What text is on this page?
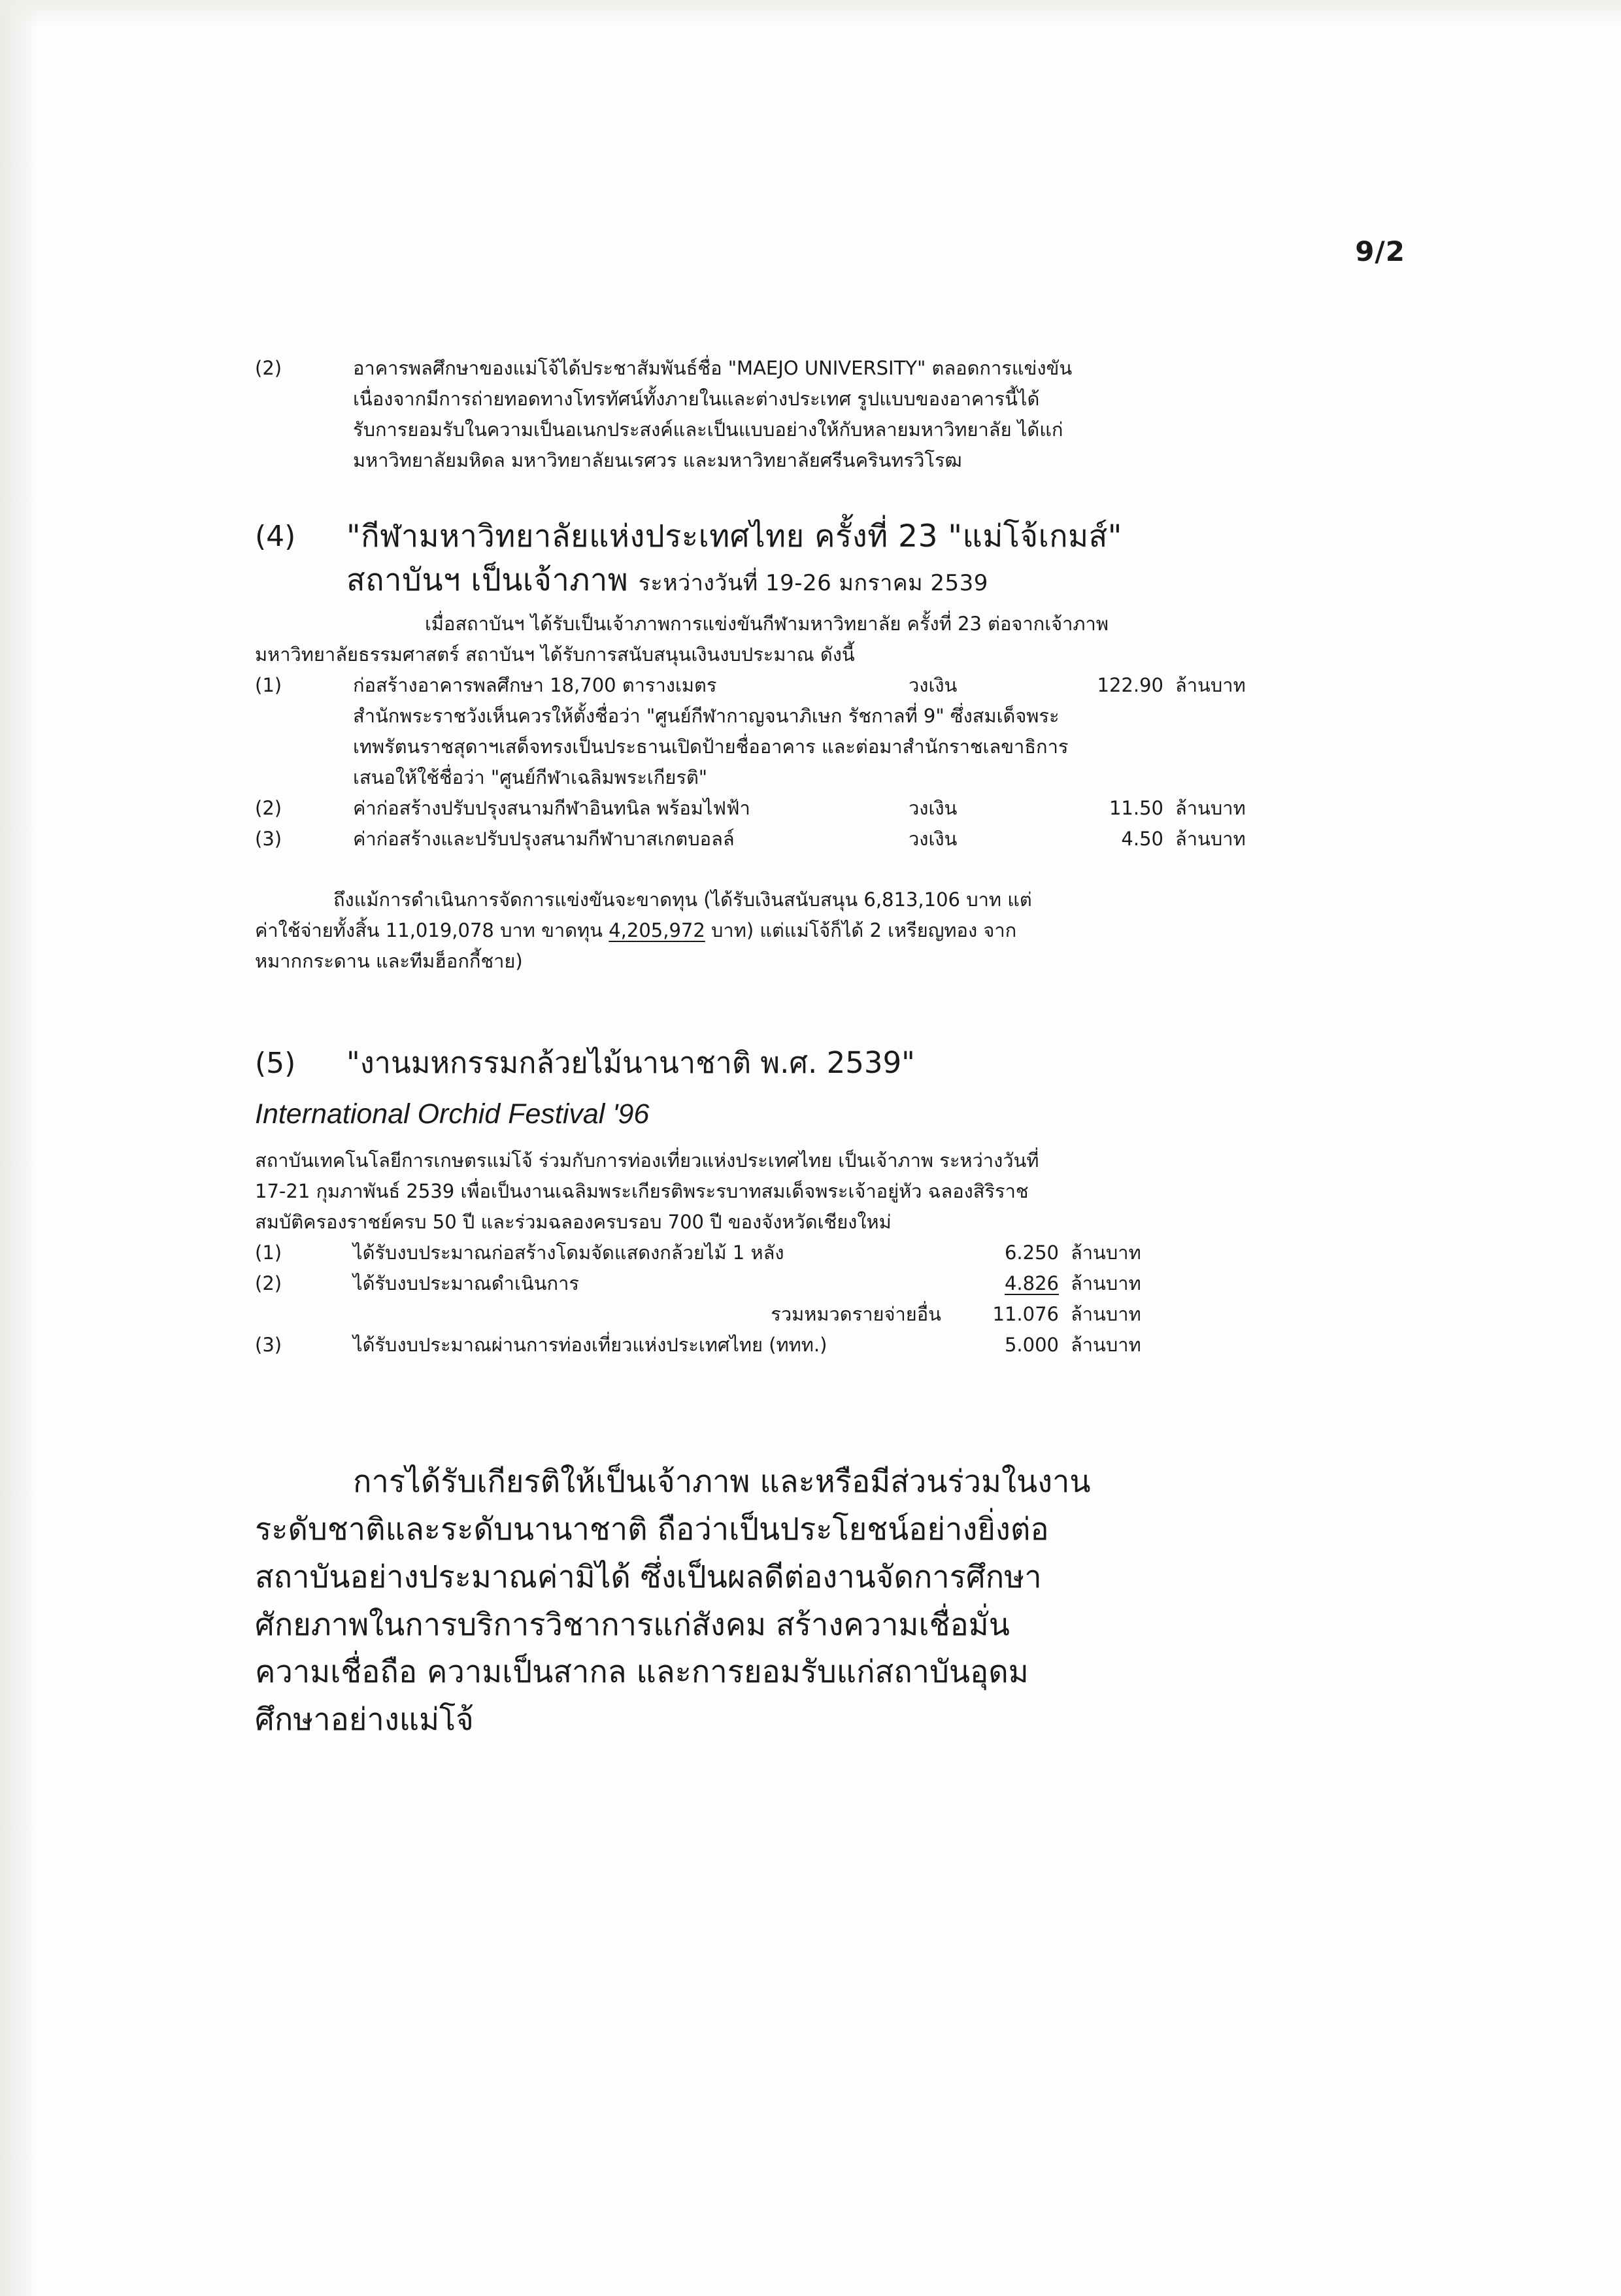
9/2
(2)	อาคารพลศึกษาของแม่โจ้ได้ประชาสัมพันธ์ชื่อ "MAEJO UNIVERSITY" ตลอดการแข่งขัน
เนื่องจากมีการถ่ายทอดทางโทรทัศน์ทั้งภายในและต่างประเทศ รูปแบบของอาคารนี้ได้
รับการยอมรับในความเป็นอเนกประสงค์และเป็นแบบอย่างให้กับหลายมหาวิทยาลัย ได้แก่
มหาวิทยาลัยมหิดล มหาวิทยาลัยนเรศวร และมหาวิทยาลัยศรีนครินทรวิโรฒ
(4)	"กีฬามหาวิทยาลัยแห่งประเทศไทย ครั้งที่ 23 "แม่โจ้เกมส์"
สถาบันฯ เป็นเจ้าภาพ ระหว่างวันที่ 19-26 มกราคม 2539
เมื่อสถาบันฯ ได้รับเป็นเจ้าภาพการแข่งขันกีฬามหาวิทยาลัย ครั้งที่ 23 ต่อจากเจ้าภาพ
มหาวิทยาลัยธรรมศาสตร์ สถาบันฯ ได้รับการสนับสนุนเงินงบประมาณ ดังนี้
(1)	ก่อสร้างอาคารพลศึกษา 18,700 ตารางเมตร	วงเงิน	122.90 ล้านบาท
สำนักพระราชวังเห็นควรให้ตั้งชื่อว่า "ศูนย์กีฬากาญจนาภิเษก รัชกาลที่ 9" ซึ่งสมเด็จพระ
เทพรัตนราชสุดาฯเสด็จทรงเป็นประธานเปิดป้ายชื่ออาคาร และต่อมาสำนักราชเลขาธิการ
เสนอให้ใช้ชื่อว่า "ศูนย์กีฬาเฉลิมพระเกียรติ"
(2)	ค่าก่อสร้างปรับปรุงสนามกีฬาอินทนิล พร้อมไฟฟ้า	วงเงิน	11.50 ล้านบาท
(3)	ค่าก่อสร้างและปรับปรุงสนามกีฬาบาสเกตบอลล์	วงเงิน	4.50 ล้านบาท
ถึงแม้การดำเนินการจัดการแข่งขันจะขาดทุน (ได้รับเงินสนับสนุน 6,813,106 บาท แต่
ค่าใช้จ่ายทั้งสิ้น 11,019,078 บาท ขาดทุน 4,205,972 บาท) แต่แม่โจ้ก็ได้ 2 เหรียญทอง จาก
หมากกระดาน และทีมฮ็อกกี้ชาย)
(5)	"งานมหกรรมกล้วยไม้นานาชาติ พ.ศ. 2539"
International Orchid Festival '96
สถาบันเทคโนโลยีการเกษตรแม่โจ้ ร่วมกับการท่องเที่ยวแห่งประเทศไทย เป็นเจ้าภาพ ระหว่างวันที่
17-21 กุมภาพันธ์ 2539 เพื่อเป็นงานเฉลิมพระเกียรติพระรบาทสมเด็จพระเจ้าอยู่หัว ฉลองสิริราช
สมบัติครองราชย์ครบ 50 ปี และร่วมฉลองครบรอบ 700 ปี ของจังหวัดเชียงใหม่
(1)	ได้รับงบประมาณก่อสร้างโดมจัดแสดงกล้วยไม้ 1 หลัง	6.250 ล้านบาท
(2)	ได้รับงบประมาณดำเนินการ	4.826 ล้านบาท
รวมหมวดรายจ่ายอื่น	11.076 ล้านบาท
(3)	ได้รับงบประมาณผ่านการท่องเที่ยวแห่งประเทศไทย (ททท.)	5.000 ล้านบาท
การได้รับเกียรติให้เป็นเจ้าภาพ และหรือมีส่วนร่วมในงาน
ระดับชาติและระดับนานาชาติ ถือว่าเป็นประโยชน์อย่างยิ่งต่อ
สถาบันอย่างประมาณค่ามิได้ ซึ่งเป็นผลดีต่องานจัดการศึกษา
ศักยภาพในการบริการวิชาการแก่สังคม สร้างความเชื่อมั่น
ความเชื่อถือ ความเป็นสากล และการยอมรับแก่สถาบันอุดม
ศึกษาอย่างแม่โจ้
